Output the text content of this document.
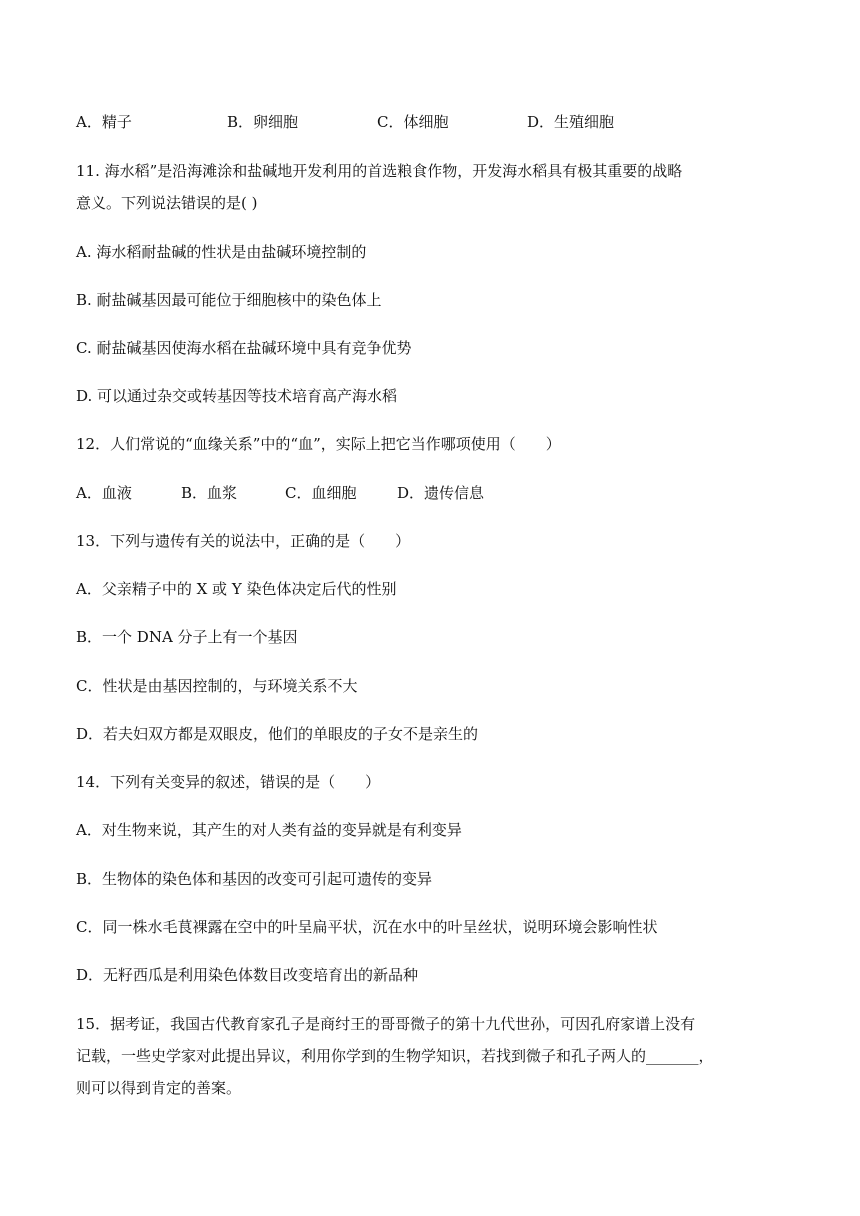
A．精子	B．卵细胞	C．体细胞	D．生殖细胞
11. 海水稻”是沿海滩涂和盐碱地开发利用的首选粮食作物，开发海水稻具有极其重要的战略
意义。下列说法错误的是( )
A. 海水稻耐盐碱的性状是由盐碱环境控制的
B. 耐盐碱基因最可能位于细胞核中的染色体上
C. 耐盐碱基因使海水稻在盐碱环境中具有竞争优势
D. 可以通过杂交或转基因等技术培育高产海水稻
12．人们常说的“血缘关系”中的“血”，实际上把它当作哪项使用（　　）
A．血液	B．血浆	C．血细胞	D．遗传信息
13．下列与遗传有关的说法中，正确的是（　　）
A．父亲精子中的 X 或 Y 染色体决定后代的性别
B．一个 DNA 分子上有一个基因
C．性状是由基因控制的，与环境关系不大
D．若夫妇双方都是双眼皮，他们的单眼皮的子女不是亲生的
14．下列有关变异的叙述，错误的是（　　）
A．对生物来说，其产生的对人类有益的变异就是有利变异
B．生物体的染色体和基因的改变可引起可遗传的变异
C．同一株水毛茛裸露在空中的叶呈扁平状，沉在水中的叶呈丝状，说明环境会影响性状
D．无籽西瓜是利用染色体数目改变培育出的新品种
15．据考证，我国古代教育家孔子是商纣王的哥哥微子的第十九代世孙，可因孔府家谱上没有
记载，一些史学家对此提出异议，利用你学到的生物学知识，若找到微子和孔子两人的_______，
则可以得到肯定的善案。
